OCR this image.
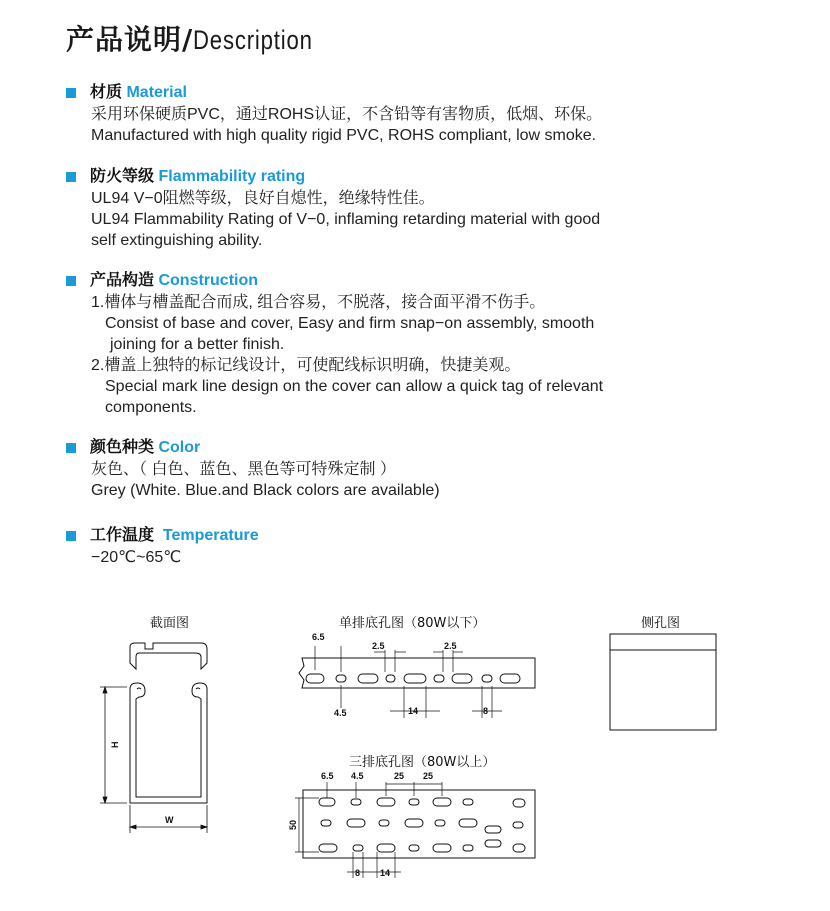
产品说明/Description
材质 Material
采用环保硬质PVC，通过ROHS认证，不含铅等有害物质，低烟、环保。
Manufactured with high quality rigid PVC, ROHS compliant, low smoke.
防火等级 Flammability rating
UL94 V−0阻燃等级，良好自熄性，绝缘特性佳。
UL94 Flammability Rating of V−0, inflaming retarding material with good
self extinguishing ability.
产品构造 Construction
1.槽体与槽盖配合而成, 组合容易，不脱落，接合面平滑不伤手。
Consist of base and cover, Easy and firm snap−on assembly, smooth
joining for a better finish.
2.槽盖上独特的标记线设计，可使配线标识明确，快捷美观。
Special mark line design on the cover can allow a quick tag of relevant
components.
颜色种类 Color
灰色、（ 白色、蓝色、黑色等可特殊定制 ）
Grey (White. Blue.and Black colors are available)
工作温度 Temperature
−20℃~65℃
截面图	单排底孔图（80W以下）	侧孔图
三排底孔图（80W以上）
H
W
6.5
2.5	2.5
4.5	14	8
6.5 4.5	25 25
50
8 14
